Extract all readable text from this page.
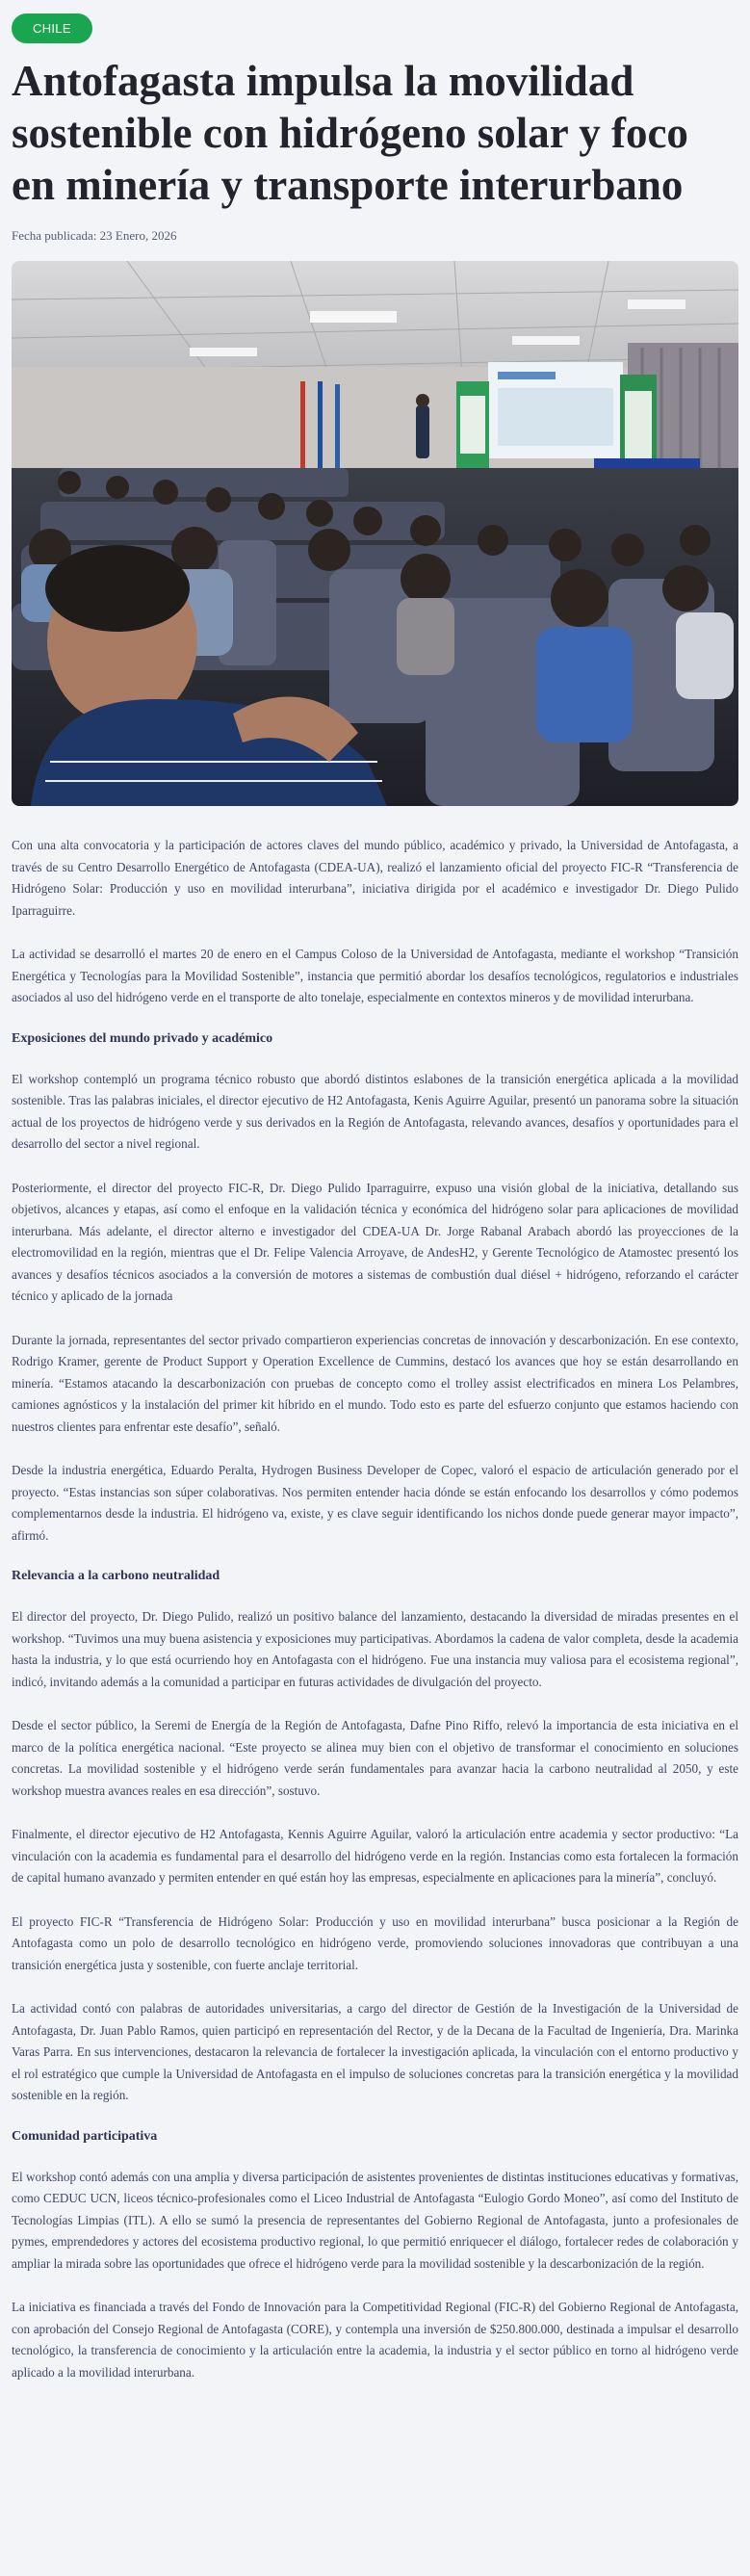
CHILE
Antofagasta impulsa la movilidad sostenible con hidrógeno solar y foco en minería y transporte interurbano
Fecha publicada: 23 Enero, 2026

Con una alta convocatoria y la participación de actores claves del mundo público, académico y privado, la Universidad de Antofagasta, a través de su Centro Desarrollo Energético de Antofagasta (CDEA-UA), realizó el lanzamiento oficial del proyecto FIC-R “Transferencia de Hidrógeno Solar: Producción y uso en movilidad interurbana”, iniciativa dirigida por el académico e investigador Dr. Diego Pulido Iparraguirre.

La actividad se desarrolló el martes 20 de enero en el Campus Coloso de la Universidad de Antofagasta, mediante el workshop “Transición Energética y Tecnologías para la Movilidad Sostenible”, instancia que permitió abordar los desafíos tecnológicos, regulatorios e industriales asociados al uso del hidrógeno verde en el transporte de alto tonelaje, especialmente en contextos mineros y de movilidad interurbana.

Exposiciones del mundo privado y académico

El workshop contempló un programa técnico robusto que abordó distintos eslabones de la transición energética aplicada a la movilidad sostenible. Tras las palabras iniciales, el director ejecutivo de H2 Antofagasta, Kenis Aguirre Aguilar, presentó un panorama sobre la situación actual de los proyectos de hidrógeno verde y sus derivados en la Región de Antofagasta, relevando avances, desafíos y oportunidades para el desarrollo del sector a nivel regional.

Posteriormente, el director del proyecto FIC-R, Dr. Diego Pulido Iparraguirre, expuso una visión global de la iniciativa, detallando sus objetivos, alcances y etapas, así como el enfoque en la validación técnica y económica del hidrógeno solar para aplicaciones de movilidad interurbana. Más adelante, el director alterno e investigador del CDEA-UA Dr. Jorge Rabanal Arabach abordó las proyecciones de la electromovilidad en la región, mientras que el Dr. Felipe Valencia Arroyave, de AndesH2, y Gerente Tecnológico de Atamostec presentó los avances y desafíos técnicos asociados a la conversión de motores a sistemas de combustión dual diésel + hidrógeno, reforzando el carácter técnico y aplicado de la jornada

Durante la jornada, representantes del sector privado compartieron experiencias concretas de innovación y descarbonización. En ese contexto, Rodrigo Kramer, gerente de Product Support y Operation Excellence de Cummins, destacó los avances que hoy se están desarrollando en minería. “Estamos atacando la descarbonización con pruebas de concepto como el trolley assist electrificados en minera Los Pelambres, camiones agnósticos y la instalación del primer kit híbrido en el mundo. Todo esto es parte del esfuerzo conjunto que estamos haciendo con nuestros clientes para enfrentar este desafío”, señaló.

Desde la industria energética, Eduardo Peralta, Hydrogen Business Developer de Copec, valoró el espacio de articulación generado por el proyecto. “Estas instancias son súper colaborativas. Nos permiten entender hacia dónde se están enfocando los desarrollos y cómo podemos complementarnos desde la industria. El hidrógeno va, existe, y es clave seguir identificando los nichos donde puede generar mayor impacto”, afirmó.

Relevancia a la carbono neutralidad

El director del proyecto, Dr. Diego Pulido, realizó un positivo balance del lanzamiento, destacando la diversidad de miradas presentes en el workshop. “Tuvimos una muy buena asistencia y exposiciones muy participativas. Abordamos la cadena de valor completa, desde la academia hasta la industria, y lo que está ocurriendo hoy en Antofagasta con el hidrógeno. Fue una instancia muy valiosa para el ecosistema regional”, indicó, invitando además a la comunidad a participar en futuras actividades de divulgación del proyecto.

Desde el sector público, la Seremi de Energía de la Región de Antofagasta, Dafne Pino Riffo, relevó la importancia de esta iniciativa en el marco de la política energética nacional. “Este proyecto se alinea muy bien con el objetivo de transformar el conocimiento en soluciones concretas. La movilidad sostenible y el hidrógeno verde serán fundamentales para avanzar hacia la carbono neutralidad al 2050, y este workshop muestra avances reales en esa dirección”, sostuvo.

Finalmente, el director ejecutivo de H2 Antofagasta, Kennis Aguirre Aguilar, valoró la articulación entre academia y sector productivo: “La vinculación con la academia es fundamental para el desarrollo del hidrógeno verde en la región. Instancias como esta fortalecen la formación de capital humano avanzado y permiten entender en qué están hoy las empresas, especialmente en aplicaciones para la minería”, concluyó.

El proyecto FIC-R “Transferencia de Hidrógeno Solar: Producción y uso en movilidad interurbana” busca posicionar a la Región de Antofagasta como un polo de desarrollo tecnológico en hidrógeno verde, promoviendo soluciones innovadoras que contribuyan a una transición energética justa y sostenible, con fuerte anclaje territorial.

La actividad contó con palabras de autoridades universitarias, a cargo del director de Gestión de la Investigación de la Universidad de Antofagasta, Dr. Juan Pablo Ramos, quien participó en representación del Rector, y de la Decana de la Facultad de Ingeniería, Dra. Marinka Varas Parra. En sus intervenciones, destacaron la relevancia de fortalecer la investigación aplicada, la vinculación con el entorno productivo y el rol estratégico que cumple la Universidad de Antofagasta en el impulso de soluciones concretas para la transición energética y la movilidad sostenible en la región.

Comunidad participativa

El workshop contó además con una amplia y diversa participación de asistentes provenientes de distintas instituciones educativas y formativas, como CEDUC UCN, liceos técnico-profesionales como el Liceo Industrial de Antofagasta “Eulogio Gordo Moneo”, así como del Instituto de Tecnologías Limpias (ITL). A ello se sumó la presencia de representantes del Gobierno Regional de Antofagasta, junto a profesionales de pymes, emprendedores y actores del ecosistema productivo regional, lo que permitió enriquecer el diálogo, fortalecer redes de colaboración y ampliar la mirada sobre las oportunidades que ofrece el hidrógeno verde para la movilidad sostenible y la descarbonización de la región.

La iniciativa es financiada a través del Fondo de Innovación para la Competitividad Regional (FIC-R) del Gobierno Regional de Antofagasta, con aprobación del Consejo Regional de Antofagasta (CORE), y contempla una inversión de $250.800.000, destinada a impulsar el desarrollo tecnológico, la transferencia de conocimiento y la articulación entre la academia, la industria y el sector público en torno al hidrógeno verde aplicado a la movilidad interurbana.
